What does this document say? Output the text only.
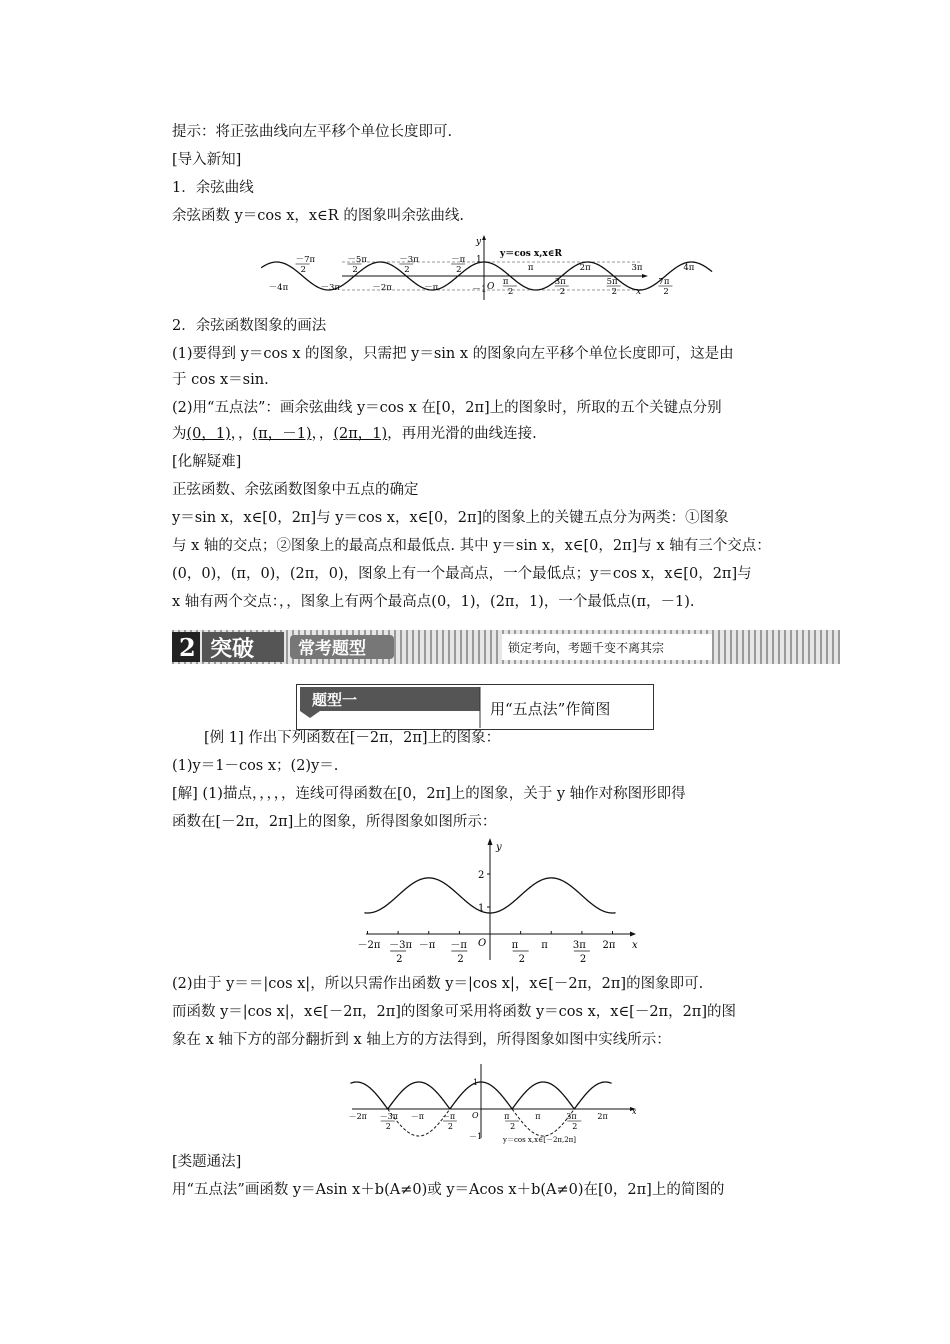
提示：将正弦曲线向左平移个单位长度即可.
[导入新知]
1．余弦曲线
余弦函数 y＝cos x，x∈R 的图象叫余弦曲线.
y＝cos x,x∈R
y
x
O
1
－1
－4π	－3π	－2π	－π
π	2π	3π	4π
－7π
2
－5π
2
－3π
2
－π
2
π
2
3π
2
5π
2
7π
2
2．余弦函数图象的画法
(1)要得到 y＝cos x 的图象，只需把 y＝sin x 的图象向左平移个单位长度即可，这是由
于 cos x＝sin.
(2)用“五点法”：画余弦曲线 y＝cos x 在[0，2π]上的图象时，所取的五个关键点分别
为(0，1)，，(π，－1)，，(2π，1)，再用光滑的曲线连接.
[化解疑难]
正弦函数、余弦函数图象中五点的确定
y＝sin x，x∈[0，2π]与 y＝cos x，x∈[0，2π]的图象上的关键五点分为两类：①图象
与 x 轴的交点；②图象上的最高点和最低点. 其中 y＝sin x，x∈[0，2π]与 x 轴有三个交点：
(0，0)，(π，0)，(2π，0)，图象上有一个最高点，一个最低点；y＝cos x，x∈[0，2π]与
x 轴有两个交点：，，图象上有两个最高点(0，1)，(2π，1)，一个最低点(π，－1).
2 突破	常考题型	锁定考向，考题千变不离其宗
题型一	用“五点法”作简图
[例 1] 作出下列函数在[－2π，2π]上的图象：
(1)y＝1－cos x；(2)y＝.
[解] (1)描点，，，，，连线可得函数在[0，2π]上的图象，关于 y 轴作对称图形即得
函数在[－2π，2π]上的图象，所得图象如图所示：
y
x
O
1
2
－2π －3π
2
－π －π
2
π
2
π	3π
2
2π
(2)由于 y＝＝|cos x|，所以只需作出函数 y＝|cos x|，x∈[－2π，2π]的图象即可.
而函数 y＝|cos x|，x∈[－2π，2π]的图象可采用将函数 y＝cos x，x∈[－2π，2π]的图
象在 x 轴下方的部分翻折到 x 轴上方的方法得到，所得图象如图中实线所示：
x
O
y＝cos x,x∈[－2π,2π]
1
－1
－2π －3π
2
－π －π
2
π
2
π	3π
2
2π
[类题通法]
用“五点法”画函数 y＝Asin x＋b(A≠0)或 y＝Acos x＋b(A≠0)在[0，2π]上的简图的
